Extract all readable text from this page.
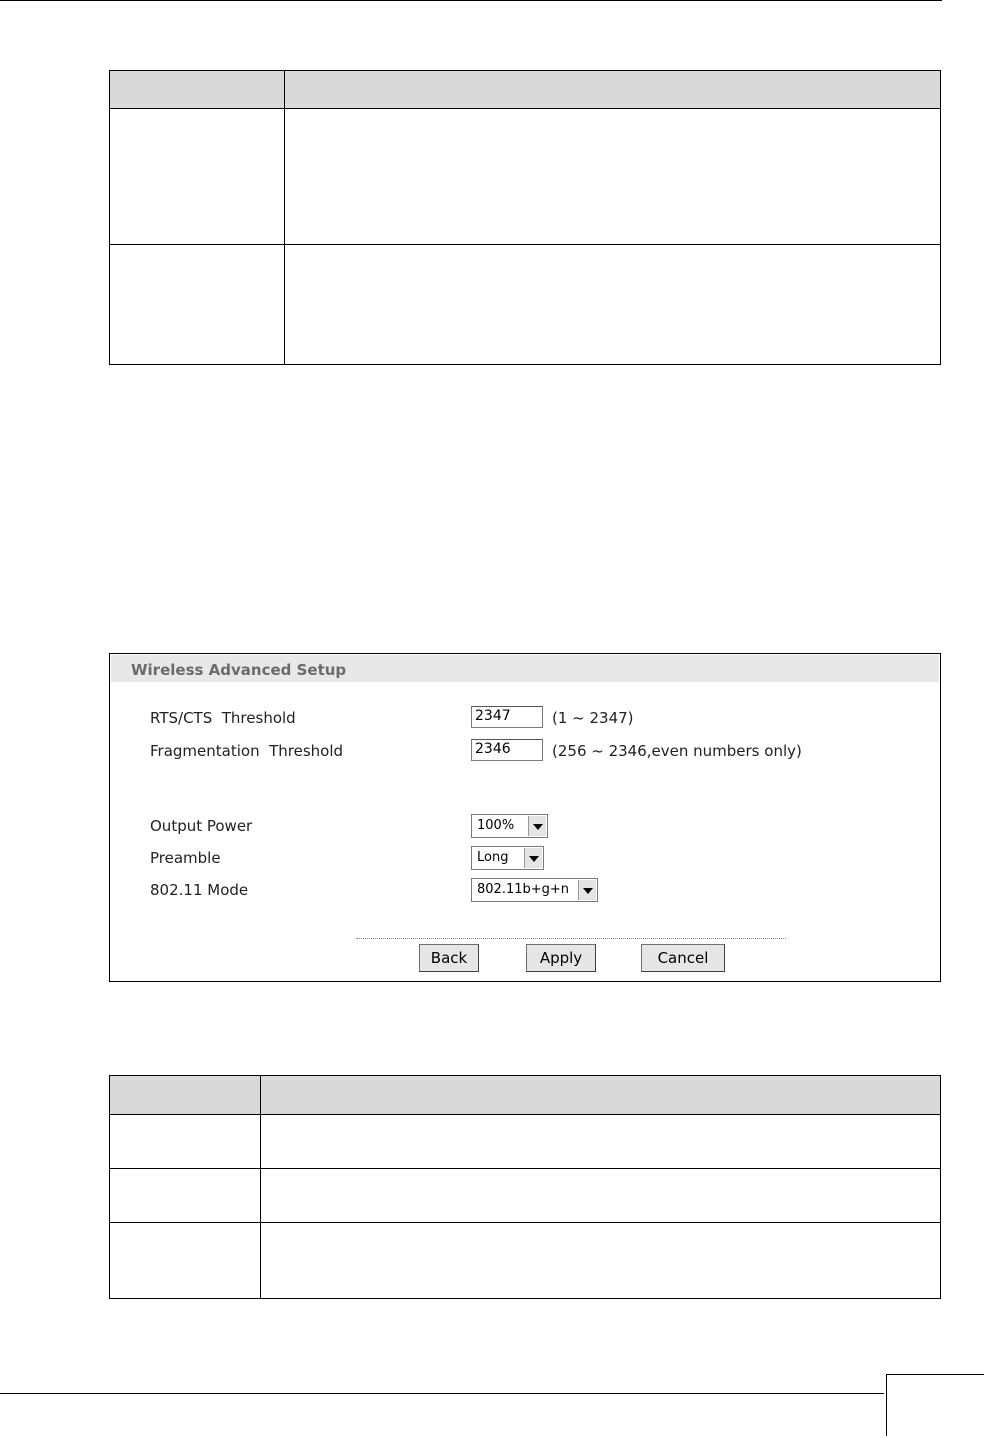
Wireless Advanced Setup
RTS/CTS  Threshold	2347	(1 ~ 2347)
Fragmentation  Threshold	2346	(256 ~ 2346,even numbers only)
Output Power	100%
Preamble	Long
802.11 Mode	802.11b+g+n
Back	Apply	Cancel
